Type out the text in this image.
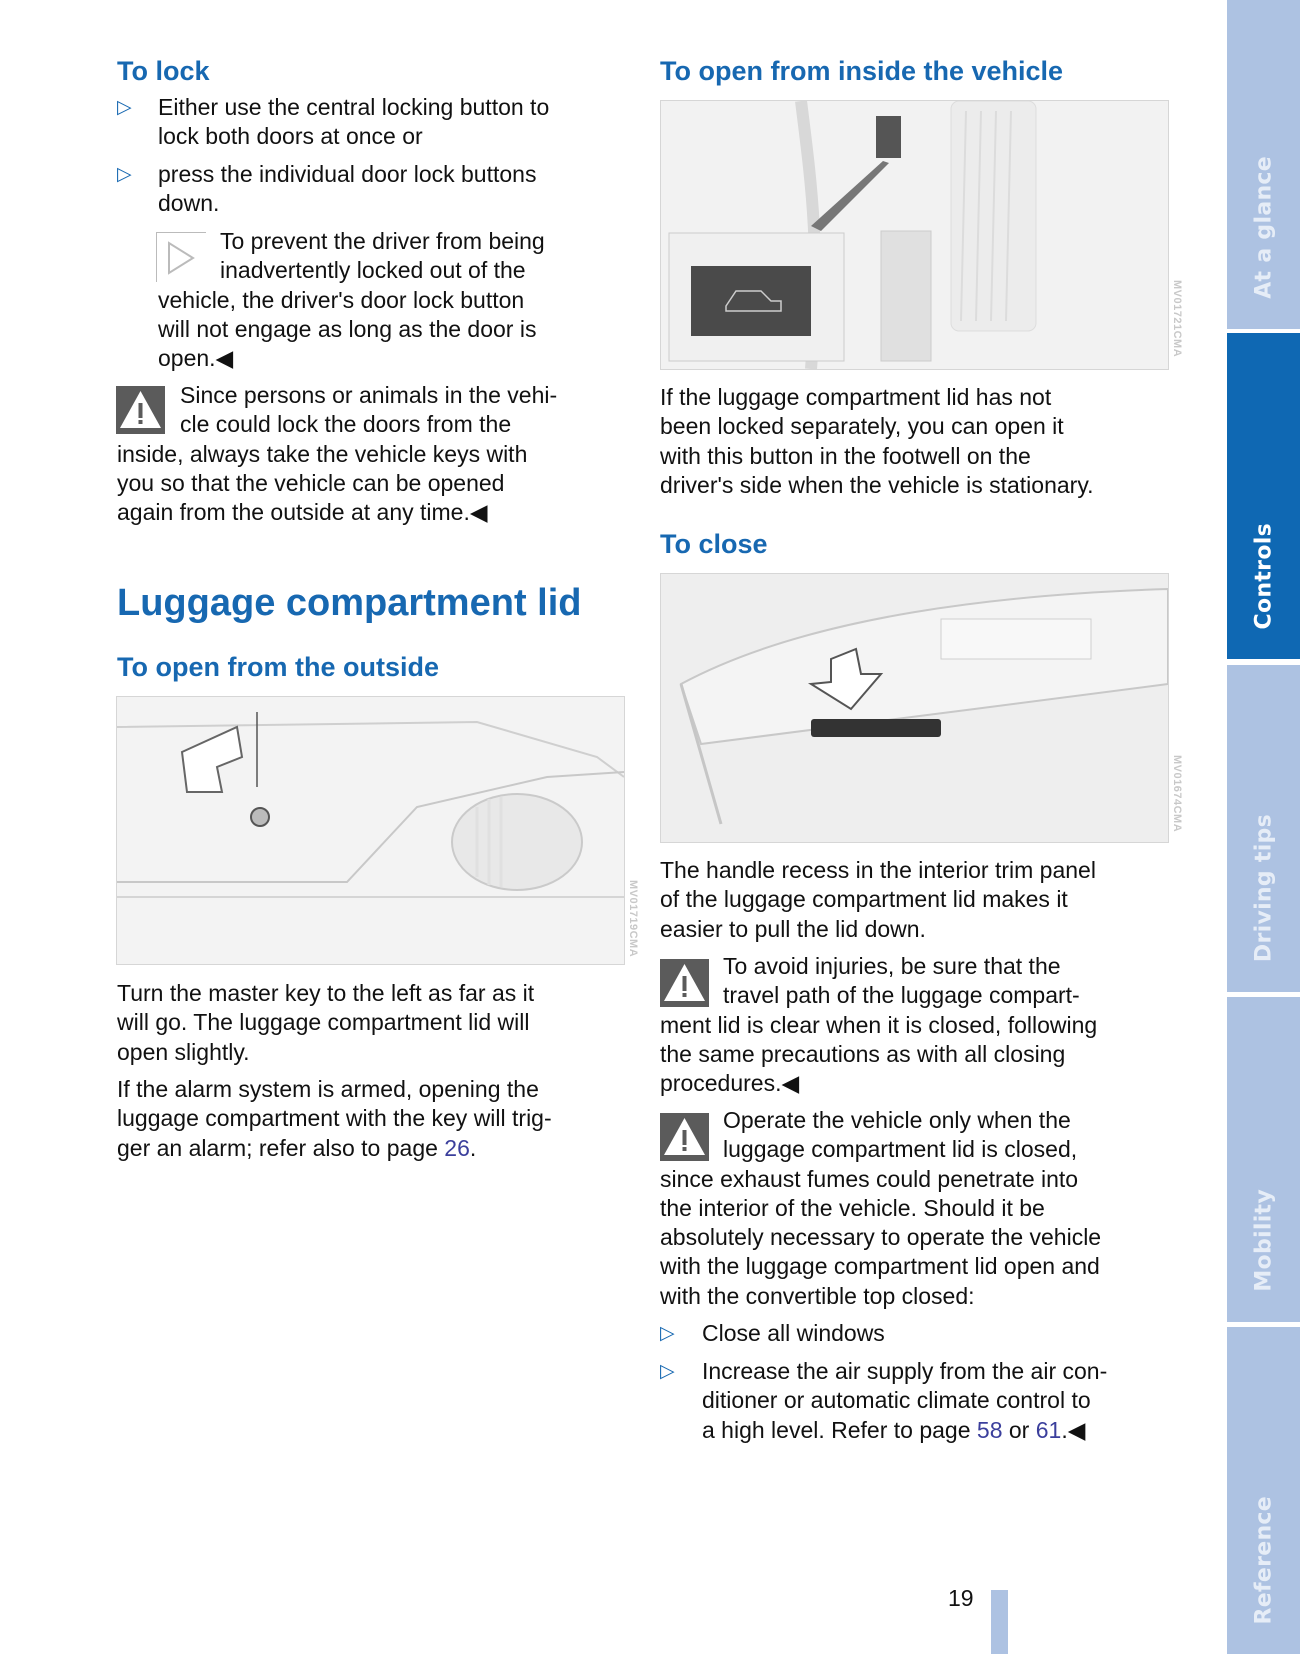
To lock
▷ Either use the central locking button to
lock both doors at once or
▷ press the individual door lock buttons
down.
To prevent the driver from being
inadvertently locked out of the
vehicle, the driver's door lock button
will not engage as long as the door is
open.◀
Since persons or animals in the vehi-
cle could lock the doors from the
inside, always take the vehicle keys with
you so that the vehicle can be opened
again from the outside at any time.◀
Luggage compartment lid
To open from the outside
MV01719CMA
Turn the master key to the left as far as it
will go. The luggage compartment lid will
open slightly.
If the alarm system is armed, opening the
luggage compartment with the key will trig-
ger an alarm; refer also to page 26.
To open from inside the vehicle
MV01721CMA
If the luggage compartment lid has not
been locked separately, you can open it
with this button in the footwell on the
driver's side when the vehicle is stationary.
To close
MV01674CMA
The handle recess in the interior trim panel
of the luggage compartment lid makes it
easier to pull the lid down.
To avoid injuries, be sure that the
travel path of the luggage compart-
ment lid is clear when it is closed, following
the same precautions as with all closing
procedures.◀
Operate the vehicle only when the
luggage compartment lid is closed,
since exhaust fumes could penetrate into
the interior of the vehicle. Should it be
absolutely necessary to operate the vehicle
with the luggage compartment lid open and
with the convertible top closed:
▷ Close all windows
▷ Increase the air supply from the air con-
ditioner or automatic climate control to
a high level. Refer to page 58 or 61.◀
19
At a glance
Controls
Driving tips
Mobility
Reference
